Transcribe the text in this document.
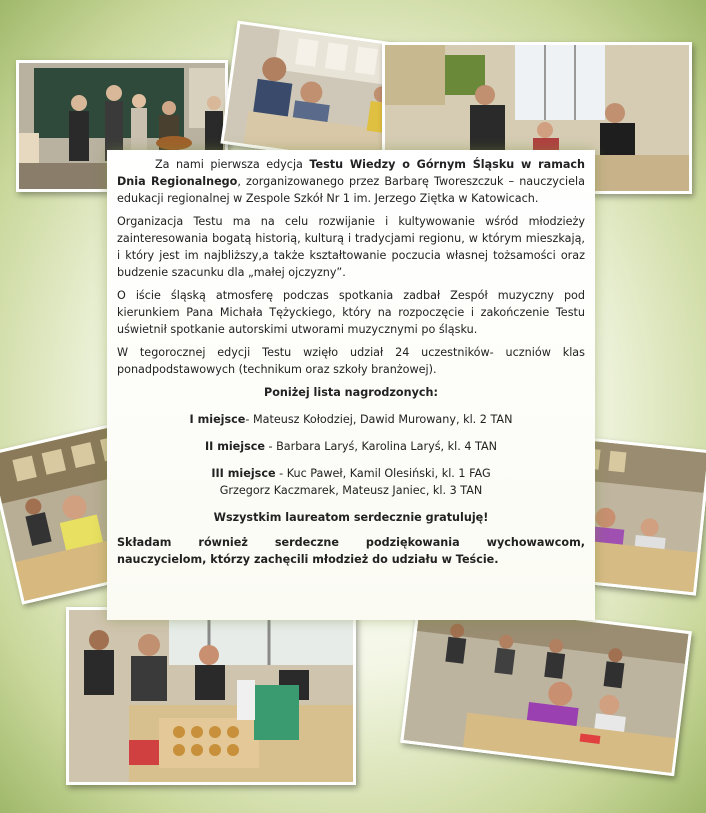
Za nami pierwsza edycja Testu Wiedzy o Górnym Śląsku w ramach Dnia Regionalnego, zorganizowanego przez Barbarę Tworeszczuk – nauczyciela edukacji regionalnej w Zespole Szkół Nr 1 im. Jerzego Ziętka w Katowicach.

Organizacja Testu ma na celu rozwijanie i kultywowanie wśród młodzieży zainteresowania bogatą historią, kulturą i tradycjami regionu, w którym mieszkają, i który jest im najbliższy,a także kształtowanie poczucia własnej tożsamości oraz budzenie szacunku dla „małej ojczyzny”.

O iście śląską atmosferę podczas spotkania zadbał Zespół muzyczny pod kierunkiem Pana Michała Tężyckiego, który na rozpoczęcie i zakończenie Testu uświetnił spotkanie autorskimi utworami muzycznymi po śląsku.

W tegorocznej edycji Testu wzięło udział 24 uczestników- uczniów klas ponadpodstawowych (technikum oraz szkoły branżowej).

Poniżej lista nagrodzonych:

I miejsce- Mateusz Kołodziej, Dawid Murowany, kl. 2 TAN

II miejsce - Barbara Laryś, Karolina Laryś, kl. 4 TAN

III miejsce - Kuc Paweł, Kamil Olesiński, kl. 1 FAG

Grzegorz Kaczmarek, Mateusz Janiec, kl. 3 TAN

Wszystkim laureatom serdecznie gratuluję!

Składam również serdeczne podziękowania wychowawcom, nauczycielom, którzy zachęcili młodzież do udziału w Teście.
